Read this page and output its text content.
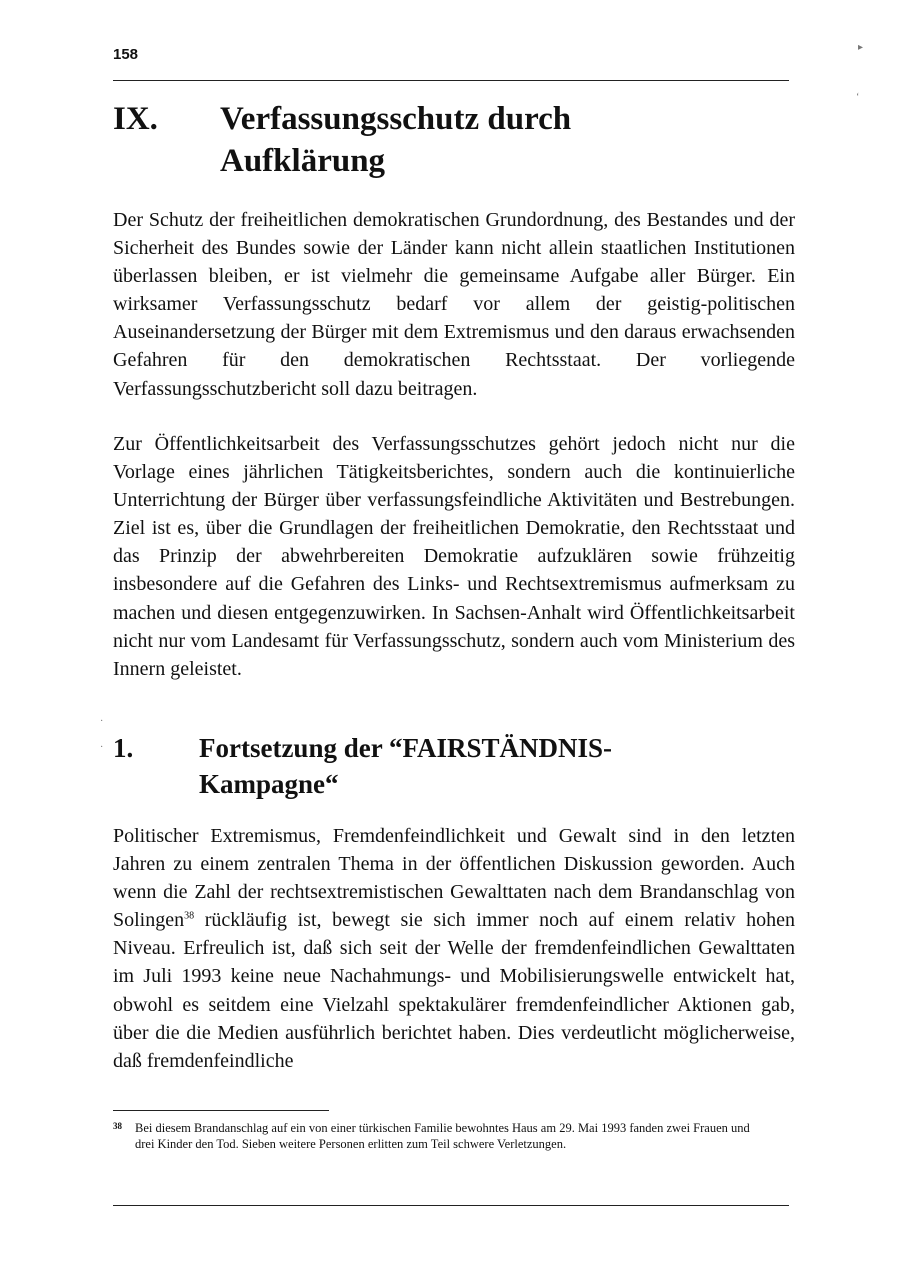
158
IX. Verfassungsschutz durch Aufklärung
Der Schutz der freiheitlichen demokratischen Grundordnung, des Bestandes und der Sicherheit des Bundes sowie der Länder kann nicht allein staatlichen Institutionen überlassen bleiben, er ist vielmehr die gemeinsame Aufgabe aller Bürger. Ein wirksamer Verfassungsschutz bedarf vor allem der geistig-politischen Auseinandersetzung der Bürger mit dem Extremismus und den daraus erwachsenden Gefahren für den demokratischen Rechtsstaat. Der vorliegende Verfassungsschutzbericht soll dazu beitragen.
Zur Öffentlichkeitsarbeit des Verfassungsschutzes gehört jedoch nicht nur die Vorlage eines jährlichen Tätigkeitsberichtes, sondern auch die kontinuierliche Unterrichtung der Bürger über verfassungsfeindliche Aktivitäten und Bestrebungen. Ziel ist es, über die Grundlagen der freiheitlichen Demokratie, den Rechtsstaat und das Prinzip der abwehrbereiten Demokratie aufzuklären sowie frühzeitig insbesondere auf die Gefahren des Links- und Rechtsextremismus aufmerksam zu machen und diesen entgegenzuwirken. In Sachsen-Anhalt wird Öffentlichkeitsarbeit nicht nur vom Landesamt für Verfassungsschutz, sondern auch vom Ministerium des Innern geleistet.
1. Fortsetzung der “FAIRSTÄNDNIS-Kampagne“
Politischer Extremismus, Fremdenfeindlichkeit und Gewalt sind in den letzten Jahren zu einem zentralen Thema in der öffentlichen Diskussion geworden. Auch wenn die Zahl der rechtsextremistischen Gewalttaten nach dem Brandanschlag von Solingen$^{38}$ rückläufig ist, bewegt sie sich immer noch auf einem relativ hohen Niveau. Erfreulich ist, daß sich seit der Welle der fremdenfeindlichen Gewalttaten im Juli 1993 keine neue Nachahmungs- und Mobilisierungswelle entwickelt hat, obwohl es seitdem eine Vielzahl spektakulärer fremdenfeindlicher Aktionen gab, über die die Medien ausführlich berichtet haben. Dies verdeutlicht möglicherweise, daß fremdenfeindliche
38 Bei diesem Brandanschlag auf ein von einer türkischen Familie bewohntes Haus am 29. Mai 1993 fanden zwei Frauen und drei Kinder den Tod. Sieben weitere Personen erlitten zum Teil schwere Verletzungen.
▸
ʻ
·
·
